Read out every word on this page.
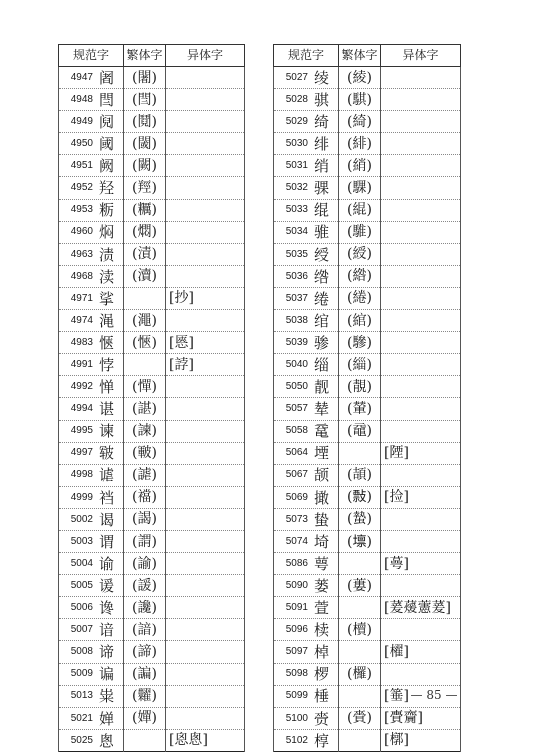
规范字	繁体字	异体字
4947 阇	(闍)	
4948 閆	(閆)	
4949 阋	(鬩)	
4950 阈	(閾)	
4951 阙	(闕)	
4952 羟	(羥)	
4953 粝	(糲)	
4960 焖	(燜)	
4963 渍	(漬)	
4968 渎	(瀆)	
4971 挲		[抄]
4974 渑	(澠)	
4983 愜	(愜)	[㥦]
4991 悖		[誖]
4992 惮	(憚)	
4994 谌	(諶)	
4995 谏	(諫)	
4997 皲	(皸)	
4998 谑	(謔)	
4999 裆	(襠)	
5002 谒	(謁)	
5003 谓	(謂)	
5004 谕	(諭)	
5005 谖	(諼)	
5006 谗	(讒)	
5007 谙	(諳)	
5008 谛	(諦)	
5009 谝	(諞)	
5013 粜	(糶)	
5021 婵	(嬋)	
5025 悤		[恖悤]
规范字	繁体字	异体字
5027 绫	(綾)	
5028 骐	(騏)	
5029 绮	(綺)	
5030 绯	(緋)	
5031 绡	(綃)	
5032 骒	(騍)	
5033 绲	(緄)	
5034 骓	(騅)	
5035 绶	(綬)	
5036 绺	(綹)	
5037 绻	(綣)	
5038 绾	(綰)	
5039 骖	(驂)	
5040 缁	(緇)	
5050 靓	(靚)	
5057 辇	(輦)	
5058 鼋	(黿)	
5064 堙		[陻]
5067 颉	(頡)	
5069 撖	(𢿏)	[捡]
5073 蛰	(蟄)	
5074 埼	(𡒄)	
5086 萼		[蕚]
5090 蒌	(蔞)	
5091 萱		[萲蕿藼萲]
5096 椟	(櫝)	
5097 棹		[櫂]
5098 椤	(欏)	
5099 棰		[箠]
5100 赍	(賫)	[賷齎]
5102 椁		[槨]
— 85 —
